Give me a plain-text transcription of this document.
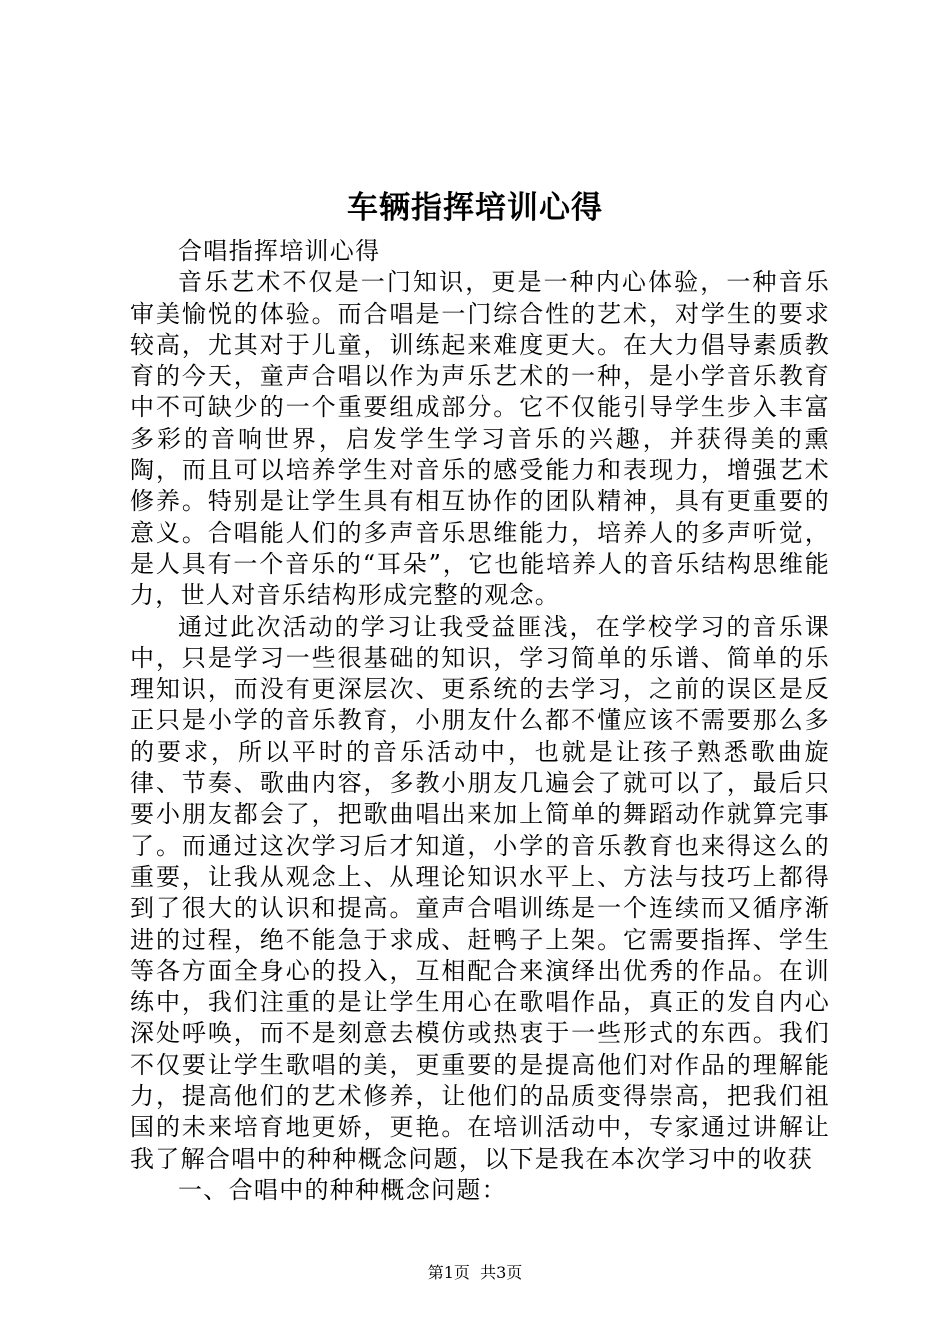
车辆指挥培训心得

合唱指挥培训心得

音乐艺术不仅是一门知识，更是一种内心体验，一种音乐审美愉悦的体验。而合唱是一门综合性的艺术，对学生的要求较高，尤其对于儿童，训练起来难度更大。在大力倡导素质教育的今天，童声合唱以作为声乐艺术的一种，是小学音乐教育中不可缺少的一个重要组成部分。它不仅能引导学生步入丰富多彩的音响世界，启发学生学习音乐的兴趣，并获得美的熏陶，而且可以培养学生对音乐的感受能力和表现力，增强艺术修养。特别是让学生具有相互协作的团队精神，具有更重要的意义。合唱能人们的多声音乐思维能力，培养人的多声听觉，是人具有一个音乐的“耳朵”，它也能培养人的音乐结构思维能力，世人对音乐结构形成完整的观念。

通过此次活动的学习让我受益匪浅，在学校学习的音乐课中，只是学习一些很基础的知识，学习简单的乐谱、简单的乐理知识，而没有更深层次、更系统的去学习，之前的误区是反正只是小学的音乐教育，小朋友什么都不懂应该不需要那么多的要求，所以平时的音乐活动中，也就是让孩子熟悉歌曲旋律、节奏、歌曲内容，多教小朋友几遍会了就可以了，最后只要小朋友都会了，把歌曲唱出来加上简单的舞蹈动作就算完事了。而通过这次学习后才知道，小学的音乐教育也来得这么的重要，让我从观念上、从理论知识水平上、方法与技巧上都得到了很大的认识和提高。童声合唱训练是一个连续而又循序渐进的过程，绝不能急于求成、赶鸭子上架。它需要指挥、学生等各方面全身心的投入，互相配合来演绎出优秀的作品。在训练中，我们注重的是让学生用心在歌唱作品，真正的发自内心深处呼唤，而不是刻意去模仿或热衷于一些形式的东西。我们不仅要让学生歌唱的美，更重要的是提高他们对作品的理解能力，提高他们的艺术修养，让他们的品质变得崇高，把我们祖国的未来培育地更娇，更艳。在培训活动中，专家通过讲解让我了解合唱中的种种概念问题，以下是我在本次学习中的收获

一、合唱中的种种概念问题：

第1页  共3页
